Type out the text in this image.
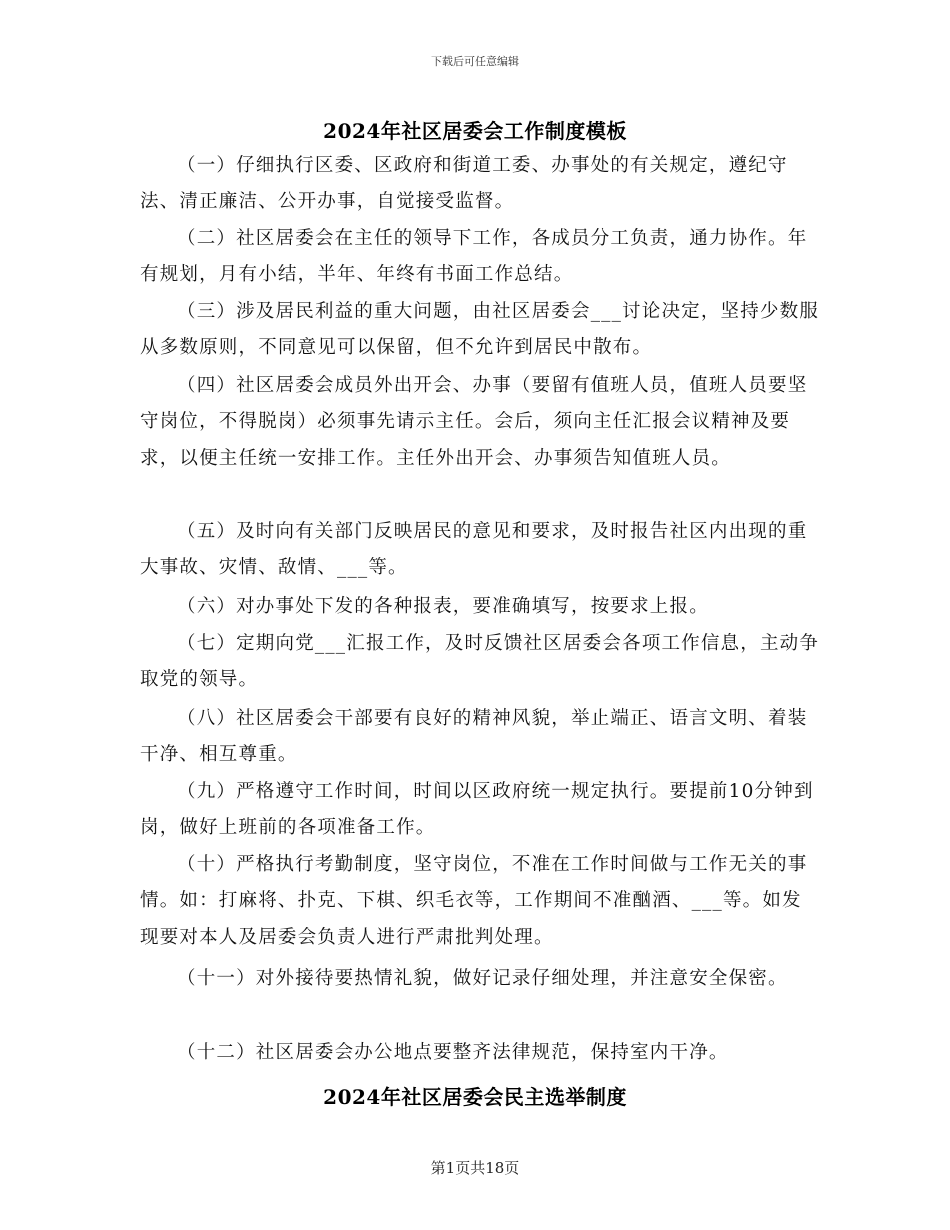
下载后可任意编辑
2024年社区居委会工作制度模板

（一）仔细执行区委、区政府和街道工委、办事处的有关规定，遵纪守法、清正廉洁、公开办事，自觉接受监督。

（二）社区居委会在主任的领导下工作，各成员分工负责，通力协作。年有规划，月有小结，半年、年终有书面工作总结。

（三）涉及居民利益的重大问题，由社区居委会___讨论决定，坚持少数服从多数原则，不同意见可以保留，但不允许到居民中散布。

（四）社区居委会成员外出开会、办事（要留有值班人员，值班人员要坚守岗位，不得脱岗）必须事先请示主任。会后，须向主任汇报会议精神及要求，以便主任统一安排工作。主任外出开会、办事须告知值班人员。

（五）及时向有关部门反映居民的意见和要求，及时报告社区内出现的重大事故、灾情、敌情、___等。

（六）对办事处下发的各种报表，要准确填写，按要求上报。

（七）定期向党___汇报工作，及时反馈社区居委会各项工作信息，主动争取党的领导。

（八）社区居委会干部要有良好的精神风貌，举止端正、语言文明、着装干净、相互尊重。

（九）严格遵守工作时间，时间以区政府统一规定执行。要提前10分钟到岗，做好上班前的各项准备工作。

（十）严格执行考勤制度，坚守岗位，不准在工作时间做与工作无关的事情。如：打麻将、扑克、下棋、织毛衣等，工作期间不准酗酒、___等。如发现要对本人及居委会负责人进行严肃批判处理。

（十一）对外接待要热情礼貌，做好记录仔细处理，并注意安全保密。

（十二）社区居委会办公地点要整齐法律规范，保持室内干净。

2024年社区居委会民主选举制度
第1页共18页
